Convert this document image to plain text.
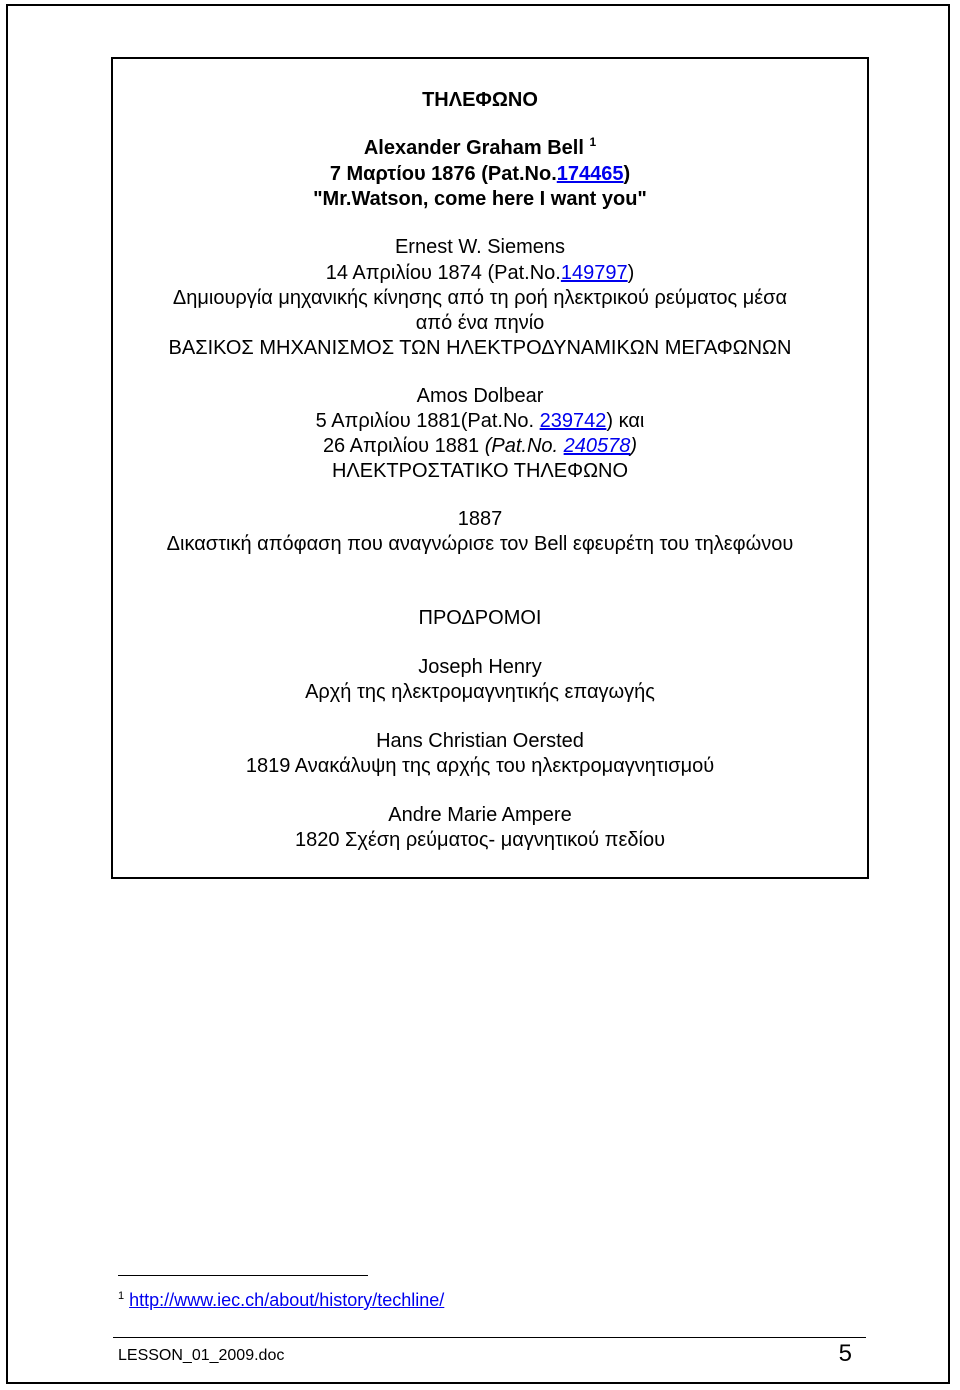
ΤΗΛΕΦΩΝΟ
Alexander Graham Bell $^1$
7 Μαρτίου 1876 (Pat.No.174465)
"Mr.Watson, come here I want you"
Ernest W. Siemens
14 Απριλίου 1874 (Pat.No.149797)
Δημιουργία μηχανικής κίνησης από τη ροή ηλεκτρικού ρεύματος μέσα
από ένα πηνίο
ΒΑΣΙΚΟΣ ΜΗΧΑΝΙΣΜΟΣ ΤΩΝ ΗΛΕΚΤΡΟΔΥΝΑΜΙΚΩΝ ΜΕΓΑΦΩΝΩΝ
Amos Dolbear
5 Απριλίου 1881(Pat.No. 239742) και
26 Απριλίου 1881 (Pat.No. 240578)
ΗΛΕΚΤΡΟΣΤΑΤΙΚΟ ΤΗΛΕΦΩΝΟ
1887
Δικαστική απόφαση που αναγνώρισε τον Bell εφευρέτη του τηλεφώνου
ΠΡΟΔΡΟΜΟΙ
Joseph Henry
Αρχή της ηλεκτρομαγνητικής επαγωγής
Hans Christian Oersted
1819 Ανακάλυψη της αρχής του ηλεκτρομαγνητισμού
Andre Marie Ampere
1820 Σχέση ρεύματος- μαγνητικού πεδίου
$^1$ http://www.iec.ch/about/history/techline/
LESSON_01_2009.doc	5
